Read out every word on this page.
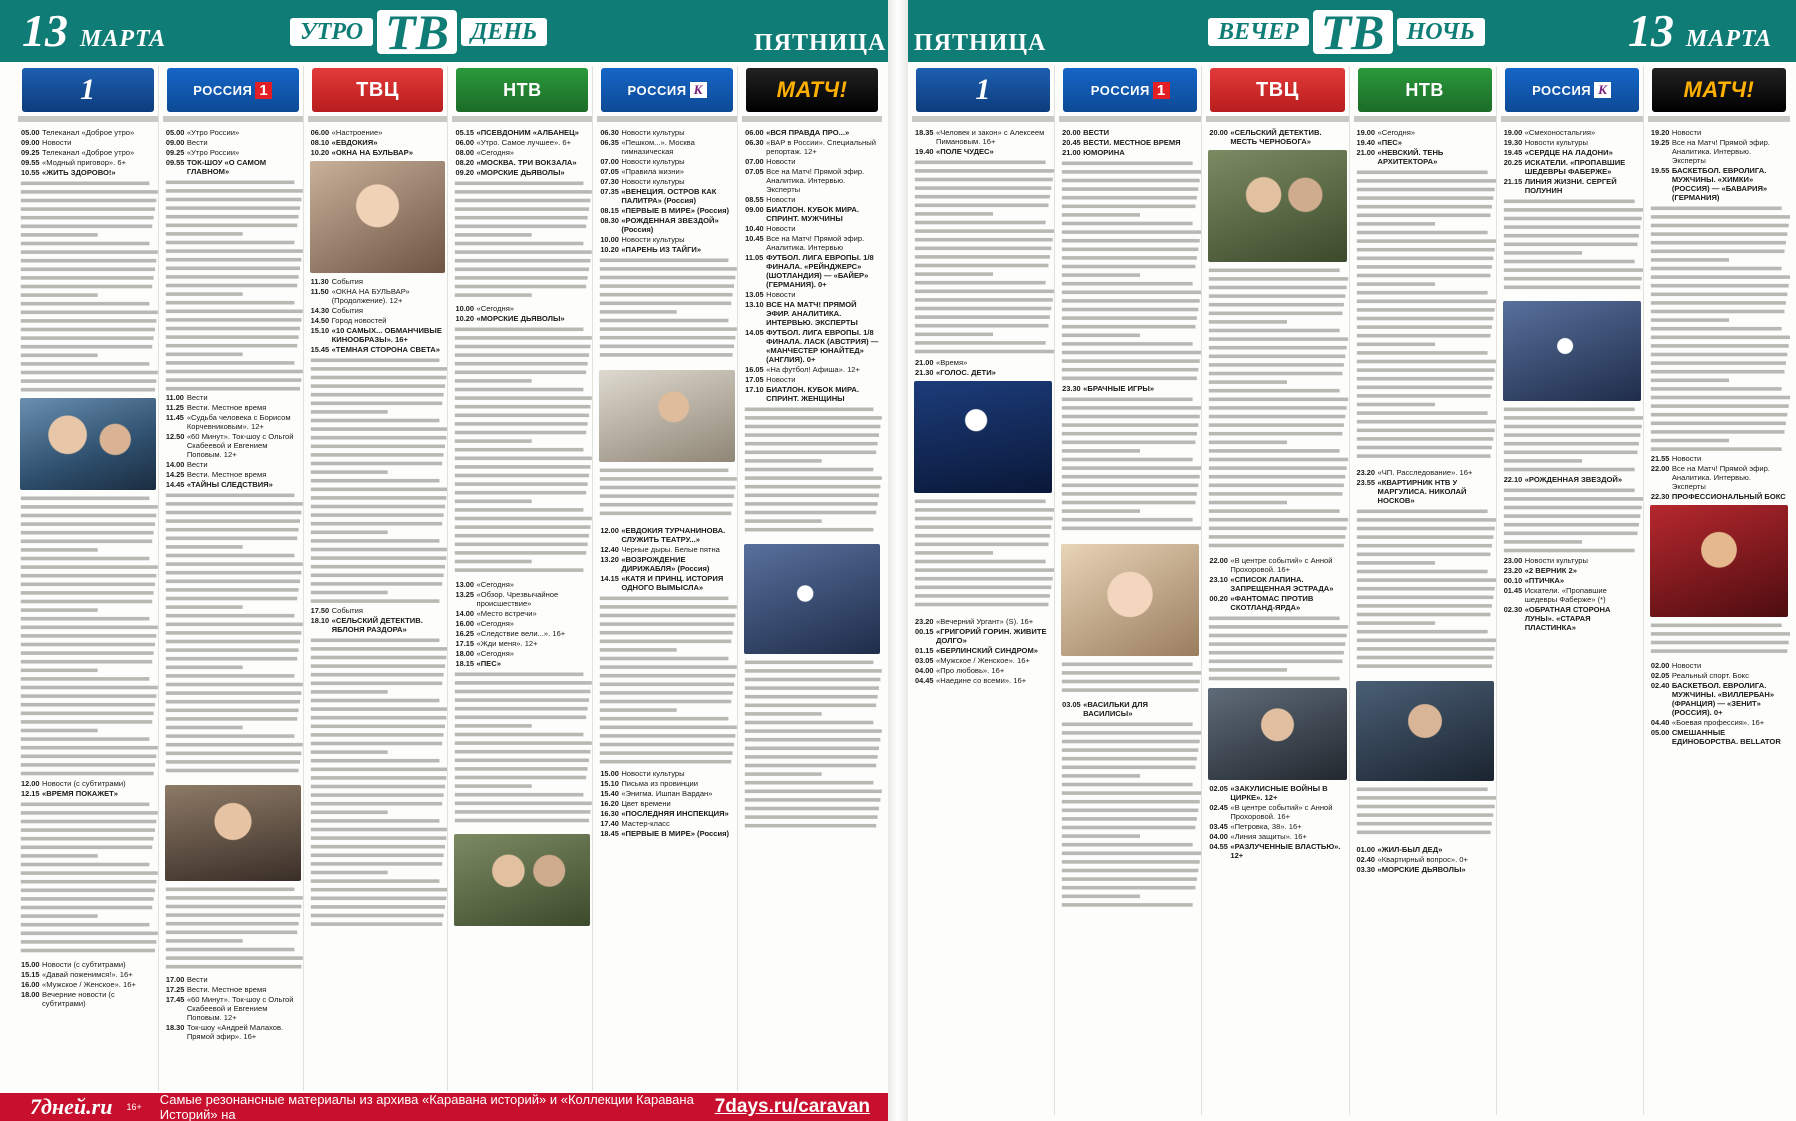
13 МАРТА	УТРО ТВ ДЕНЬ	ПЯТНИЦА
1
05.00 Телеканал «Доброе утро»
09.00 Новости
09.25 Телеканал «Доброе утро»
09.55 «Модный приговор». 6+
10.55 «ЖИТЬ ЗДОРОВО!»
12.00 Новости (с субтитрами)
12.15 «ВРЕМЯ ПОКАЖЕТ»
15.00 Новости (с субтитрами)
15.15 «Давай поженимся!». 16+
16.00 «Мужское / Женское». 16+
18.00 Вечерние новости (с субтитрами)
РОССИЯ 1
05.00 «Утро России»
09.00 Вести
09.25 «Утро России»
09.55 ТОК-ШОУ «О САМОМ ГЛАВНОМ»
11.00 Вести
11.25 Вести. Местное время
11.45 «Судьба человека с Борисом Корчевниковым». 12+
12.50 «60 Минут». Ток-шоу с Ольгой Скабеевой и Евгением Поповым. 12+
14.00 Вести
14.25 Вести. Местное время
14.45 «ТАЙНЫ СЛЕДСТВИЯ»
17.00 Вести
17.25 Вести. Местное время
17.45 «60 Минут». Ток-шоу с Ольгой Скабеевой и Евгением Поповым. 12+
18.30 Ток-шоу «Андрей Малахов. Прямой эфир». 16+
ТВЦ
06.00 «Настроение»
08.10 «ЕВДОКИЯ»
10.20 «ОКНА НА БУЛЬВАР»
11.30 События
11.50 «ОКНА НА БУЛЬВАР» (Продолжение). 12+
14.30 События
14.50 Город новостей
15.10 «10 САМЫХ... ОБМАНЧИВЫЕ КИНООБРАЗЫ». 16+
15.45 «ТЕМНАЯ СТОРОНА СВЕТА»
17.50 События
18.10 «СЕЛЬСКИЙ ДЕТЕКТИВ. ЯБЛОНЯ РАЗДОРА»
НТВ
05.15 «ПСЕВДОНИМ «АЛБАНЕЦ»
06.00 «Утро. Самое лучшее». 6+
08.00 «Сегодня»
08.20 «МОСКВА. ТРИ ВОКЗАЛА»
09.20 «МОРСКИЕ ДЬЯВОЛЫ»
10.00 «Сегодня»
10.20 «МОРСКИЕ ДЬЯВОЛЫ»
13.00 «Сегодня»
13.25 «Обзор. Чрезвычайное происшествие»
14.00 «Место встречи»
16.00 «Сегодня»
16.25 «Следствие вели...». 16+
17.15 «Жди меня». 12+
18.00 «Сегодня»
18.15 «ПЕС»
РОССИЯ К
06.30 Новости культуры
06.35 «Пешком...». Москва гимназическая
07.00 Новости культуры
07.05 «Правила жизни»
07.30 Новости культуры
07.35 «ВЕНЕЦИЯ. ОСТРОВ КАК ПАЛИТРА» (Россия)
08.15 «ПЕРВЫЕ В МИРЕ» (Россия)
08.30 «РОЖДЕННАЯ ЗВЕЗДОЙ» (Россия)
10.00 Новости культуры
10.20 «ПАРЕНЬ ИЗ ТАЙГИ»
12.00 «ЕВДОКИЯ ТУРЧАНИНОВА. СЛУЖИТЬ ТЕАТРУ...»
12.40 Черные дыры. Белые пятна
13.20 «ВОЗРОЖДЕНИЕ ДИРИЖАБЛЯ» (Россия)
14.15 «КАТЯ И ПРИНЦ. ИСТОРИЯ ОДНОГО ВЫМЫСЛА»
15.00 Новости культуры
15.10 Письма из провинции
15.40 «Энигма. Ишпан Вардан»
16.20 Цвет времени
16.30 «ПОСЛЕДНЯЯ ИНСПЕКЦИЯ»
17.40 Мастер-класс
18.45 «ПЕРВЫЕ В МИРЕ» (Россия)
МАТЧ!
06.00 «ВСЯ ПРАВДА ПРО...»
06.30 «ВАР в России». Специальный репортаж. 12+
07.00 Новости
07.05 Все на Матч! Прямой эфир. Аналитика. Интервью. Эксперты
08.55 Новости
09.00 БИАТЛОН. КУБОК МИРА. СПРИНТ. МУЖЧИНЫ
10.40 Новости
10.45 Все на Матч! Прямой эфир. Аналитика. Интервью
11.05 ФУТБОЛ. ЛИГА ЕВРОПЫ. 1/8 ФИНАЛА. «РЕЙНДЖЕРС» (ШОТЛАНДИЯ) — «БАЙЕР» (ГЕРМАНИЯ). 0+
13.05 Новости
13.10 ВСЕ НА МАТЧ! ПРЯМОЙ ЭФИР. АНАЛИТИКА. ИНТЕРВЬЮ. ЭКСПЕРТЫ
14.05 ФУТБОЛ. ЛИГА ЕВРОПЫ. 1/8 ФИНАЛА. ЛАСК (АВСТРИЯ) — «МАНЧЕСТЕР ЮНАЙТЕД» (АНГЛИЯ). 0+
16.05 «На футбол! Афиша». 12+
17.05 Новости
17.10 БИАТЛОН. КУБОК МИРА. СПРИНТ. ЖЕНЩИНЫ
7дней.ru	16+ Самые резонансные материалы из архива «Каравана историй» и «Коллекции Каравана Историй» на	7days.ru/caravan
ПЯТНИЦА	ВЕЧЕР ТВ НОЧЬ	13 МАРТА
1
18.35 «Человек и закон» с Алексеем Пимановым. 16+
19.40 «ПОЛЕ ЧУДЕС»
21.00 «Время»
21.30 «ГОЛОС. ДЕТИ»
23.20 «Вечерний Ургант» (S). 16+
00.15 «ГРИГОРИЙ ГОРИН. ЖИВИТЕ ДОЛГО»
01.15 «БЕРЛИНСКИЙ СИНДРОМ»
03.05 «Мужское / Женское». 16+
04.00 «Про любовь». 16+
04.45 «Наедине со всеми». 16+
РОССИЯ 1
20.00 ВЕСТИ
20.45 ВЕСТИ. МЕСТНОЕ ВРЕМЯ
21.00 ЮМОРИНА
23.30 «БРАЧНЫЕ ИГРЫ»
03.05 «ВАСИЛЬКИ ДЛЯ ВАСИЛИСЫ»
ТВЦ
20.00 «СЕЛЬСКИЙ ДЕТЕКТИВ. МЕСТЬ ЧЕРНОБОГА»
22.00 «В центре событий» с Анной Прохоровой. 16+
23.10 «СПИСОК ЛАПИНА. ЗАПРЕЩЕННАЯ ЭСТРАДА»
00.20 «ФАНТОМАС ПРОТИВ СКОТЛАНД-ЯРДА»
02.05 «ЗАКУЛИСНЫЕ ВОЙНЫ В ЦИРКЕ». 12+
02.45 «В центре событий» с Анной Прохоровой. 16+
03.45 «Петровка, 38». 16+
04.00 «Линия защиты». 16+
04.55 «РАЗЛУЧЕННЫЕ ВЛАСТЬЮ». 12+
НТВ
19.00 «Сегодня»
19.40 «ПЕС»
21.00 «НЕВСКИЙ. ТЕНЬ АРХИТЕКТОРА»
23.20 «ЧП. Расследование». 16+
23.55 «КВАРТИРНИК НТВ У МАРГУЛИСА. НИКОЛАЙ НОСКОВ»
01.00 «ЖИЛ-БЫЛ ДЕД»
02.40 «Квартирный вопрос». 0+
03.30 «МОРСКИЕ ДЬЯВОЛЫ»
РОССИЯ К
19.00 «Смехоностальгия»
19.30 Новости культуры
19.45 «СЕРДЦЕ НА ЛАДОНИ»
20.25 ИСКАТЕЛИ. «ПРОПАВШИЕ ШЕДЕВРЫ ФАБЕРЖЕ»
21.15 ЛИНИЯ ЖИЗНИ. СЕРГЕЙ ПОЛУНИН
22.10 «РОЖДЕННАЯ ЗВЕЗДОЙ»
23.00 Новости культуры
23.20 «2 ВЕРНИК 2»
00.10 «ПТИЧКА»
01.45 Искатели. «Пропавшие шедевры Фаберже» (*)
02.30 «ОБРАТНАЯ СТОРОНА ЛУНЫ». «СТАРАЯ ПЛАСТИНКА»
МАТЧ!
19.20 Новости
19.25 Все на Матч! Прямой эфир. Аналитика. Интервью. Эксперты
19.55 БАСКЕТБОЛ. ЕВРОЛИГА. МУЖЧИНЫ. «ХИМКИ» (РОССИЯ) — «БАВАРИЯ» (ГЕРМАНИЯ)
21.55 Новости
22.00 Все на Матч! Прямой эфир. Аналитика. Интервью. Эксперты
22.30 ПРОФЕССИОНАЛЬНЫЙ БОКС
02.00 Новости
02.05 Реальный спорт. Бокс
02.40 БАСКЕТБОЛ. ЕВРОЛИГА. МУЖЧИНЫ. «ВИЛЛЕРБАН» (ФРАНЦИЯ) — «ЗЕНИТ» (РОССИЯ). 0+
04.40 «Боевая профессия». 16+
05.00 СМЕШАННЫЕ ЕДИНОБОРСТВА. BELLATOR
